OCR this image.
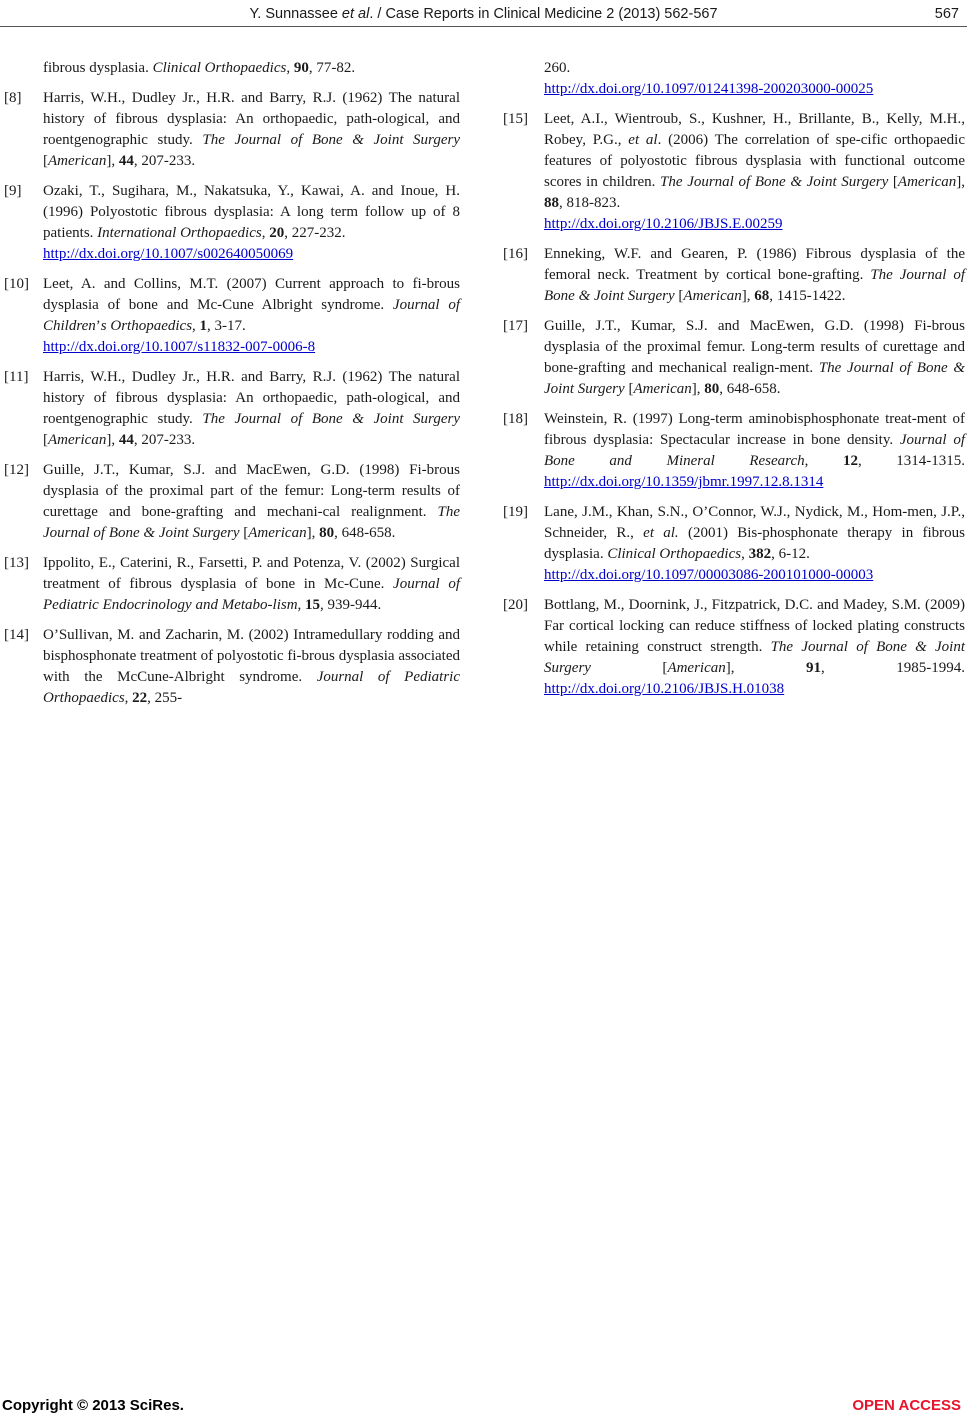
Y. Sunnassee et al. / Case Reports in Clinical Medicine 2 (2013) 562-567	567
fibrous dysplasia. Clinical Orthopaedics, 90, 77-82.
[8] Harris, W.H., Dudley Jr., H.R. and Barry, R.J. (1962) The natural history of fibrous dysplasia: An orthopaedic, path-ological, and roentgenographic study. The Journal of Bone & Joint Surgery [American], 44, 207-233.
[9] Ozaki, T., Sugihara, M., Nakatsuka, Y., Kawai, A. and Inoue, H. (1996) Polyostotic fibrous dysplasia: A long term follow up of 8 patients. International Orthopaedics, 20, 227-232.
http://dx.doi.org/10.1007/s002640050069
[10] Leet, A. and Collins, M.T. (2007) Current approach to fi-brous dysplasia of bone and Mc-Cune Albright syndrome. Journal of Children’s Orthopaedics, 1, 3-17.
http://dx.doi.org/10.1007/s11832-007-0006-8
[11] Harris, W.H., Dudley Jr., H.R. and Barry, R.J. (1962) The natural history of fibrous dysplasia: An orthopaedic, path-ological, and roentgenographic study. The Journal of Bone & Joint Surgery [American], 44, 207-233.
[12] Guille, J.T., Kumar, S.J. and MacEwen, G.D. (1998) Fi-brous dysplasia of the proximal part of the femur: Long-term results of curettage and bone-grafting and mechani-cal realignment. The Journal of Bone & Joint Surgery [American], 80, 648-658.
[13] Ippolito, E., Caterini, R., Farsetti, P. and Potenza, V. (2002) Surgical treatment of fibrous dysplasia of bone in Mc-Cune. Journal of Pediatric Endocrinology and Metabo-lism, 15, 939-944.
[14] O’Sullivan, M. and Zacharin, M. (2002) Intramedullary rodding and bisphosphonate treatment of polyostotic fi-brous dysplasia associated with the McCune-Albright syndrome. Journal of Pediatric Orthopaedics, 22, 255-
260.
http://dx.doi.org/10.1097/01241398-200203000-00025
[15] Leet, A.I., Wientroub, S., Kushner, H., Brillante, B., Kelly, M.H., Robey, P.G., et al. (2006) The correlation of spe-cific orthopaedic features of polyostotic fibrous dysplasia with functional outcome scores in children. The Journal of Bone & Joint Surgery [American], 88, 818-823.
http://dx.doi.org/10.2106/JBJS.E.00259
[16] Enneking, W.F. and Gearen, P. (1986) Fibrous dysplasia of the femoral neck. Treatment by cortical bone-grafting. The Journal of Bone & Joint Surgery [American], 68, 1415-1422.
[17] Guille, J.T., Kumar, S.J. and MacEwen, G.D. (1998) Fi-brous dysplasia of the proximal femur. Long-term results of curettage and bone-grafting and mechanical realign-ment. The Journal of Bone & Joint Surgery [American], 80, 648-658.
[18] Weinstein, R. (1997) Long-term aminobisphosphonate treat-ment of fibrous dysplasia: Spectacular increase in bone density. Journal of Bone and Mineral Research, 12, 1314-1315. http://dx.doi.org/10.1359/jbmr.1997.12.8.1314
[19] Lane, J.M., Khan, S.N., O’Connor, W.J., Nydick, M., Hom-men, J.P., Schneider, R., et al. (2001) Bis-phosphonate therapy in fibrous dysplasia. Clinical Orthopaedics, 382, 6-12.
http://dx.doi.org/10.1097/00003086-200101000-00003
[20] Bottlang, M., Doornink, J., Fitzpatrick, D.C. and Madey, S.M. (2009) Far cortical locking can reduce stiffness of locked plating constructs while retaining construct strength. The Journal of Bone & Joint Surgery [American], 91, 1985-1994. http://dx.doi.org/10.2106/JBJS.H.01038
Copyright © 2013 SciRes.	OPEN ACCESS
